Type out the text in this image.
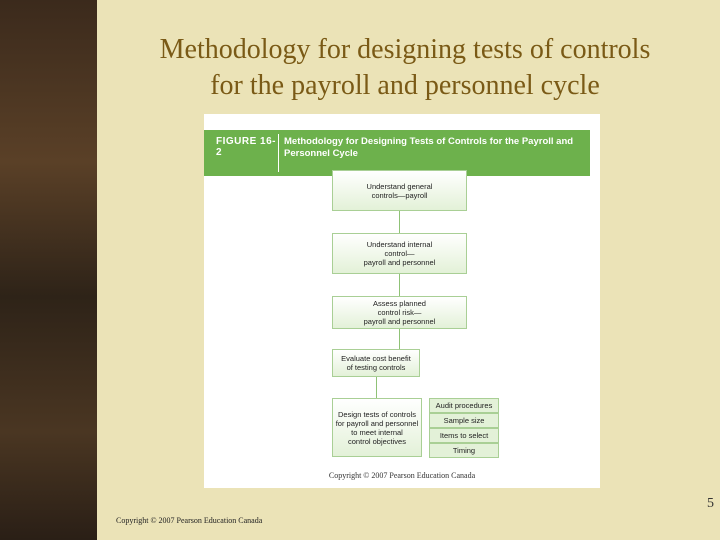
Methodology for designing tests of controls
for the payroll and personnel cycle
FIGURE 16-2
Methodology for Designing Tests of Controls for the Payroll and Personnel Cycle
Understand general
controls—payroll
Understand internal
control—
payroll and personnel
Assess planned
control risk—
payroll and personnel
Evaluate cost benefit
of testing controls
Design tests of controls
for payroll and personnel
to meet internal
control objectives
Audit procedures
Sample size
Items to select
Timing
Copyright © 2007 Pearson Education Canada
5
Copyright © 2007 Pearson Education Canada
